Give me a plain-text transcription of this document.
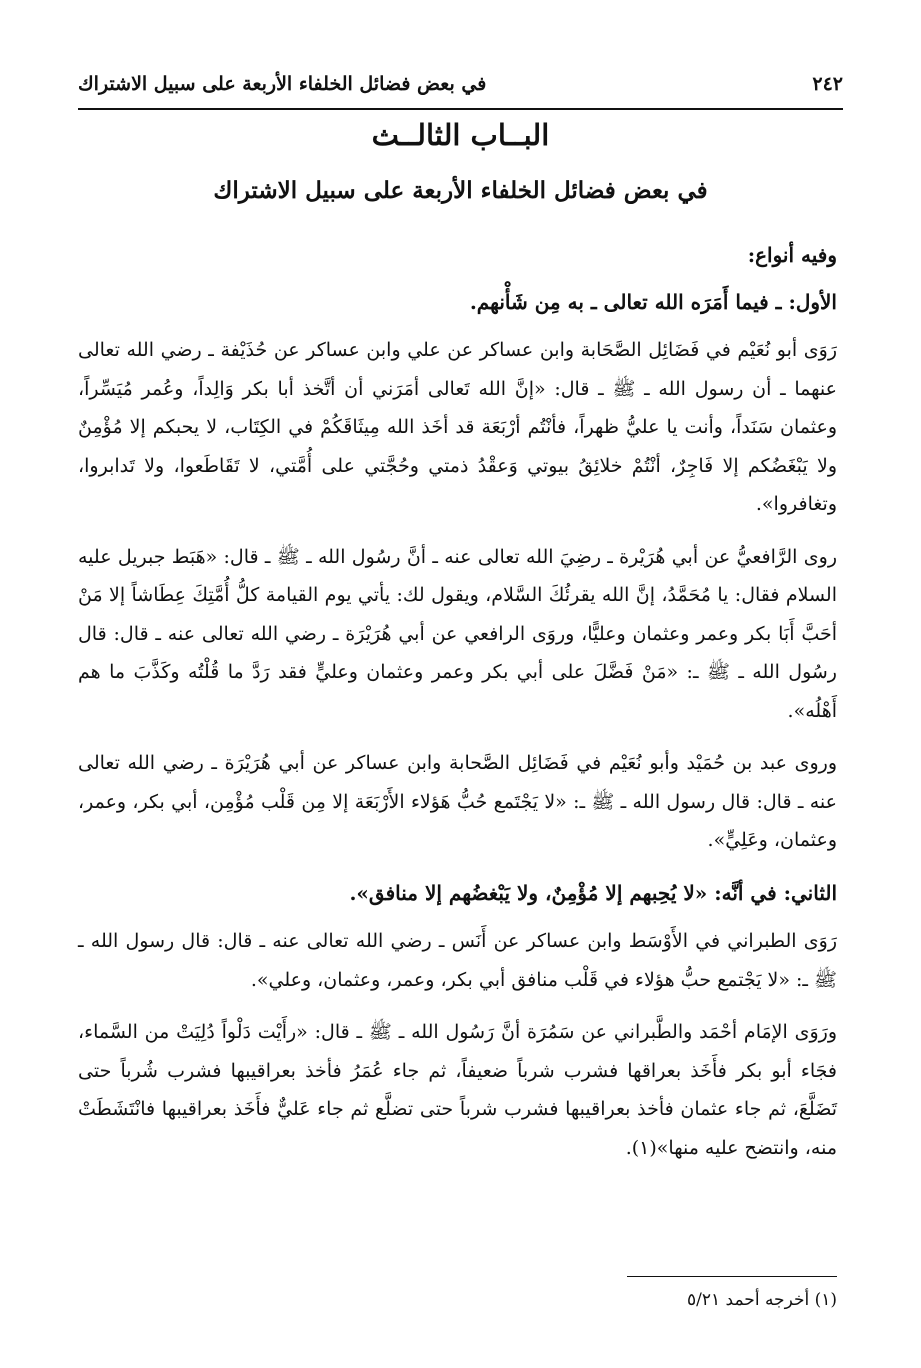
٢٤٢
في بعض فضائل الخلفاء الأربعة على سبيل الاشتراك
البــاب الثالــث
في بعض فضائل الخلفاء الأربعة على سبيل الاشتراك

وفيه أنواع:

الأول: ـ فيما أَمَرَه الله تعالى ـ به مِن شَأْنهم.

رَوَى أبو نُعَيْم في فَضَائِل الصَّحَابة وابن عساكر عن علي وابن عساكر عن حُذَيْفة ـ رضي الله تعالى عنهما ـ أن رسول الله ـ ﷺ ـ قال: «إنَّ الله تَعالى أمَرَني أن أتَّخذ أبا بكر وَالِداً، وعُمر مُيَسِّراً، وعثمان سَنَداً، وأنت يا عليُّ ظهراً، فأنْتُم أرْبَعَة قد أخَذ الله مِيثَاقَكُمْ في الكِتَاب، لا يحبكم إلا مُؤْمِنٌ ولا يَبْغَضُكم إلا فَاجِرٌ، أنْتُمْ خلائِقُ بيوتي وَعقْدُ ذمتي وحُجَّتي على أُمَّتي، لا تَقَاطَعوا، ولا تَدابروا، وتغافروا».

روى الرَّافعيُّ عن أبي هُرَيْرة ـ رضِيَ الله تعالى عنه ـ أنَّ رسُول الله ـ ﷺ ـ قال: «هَبَط جبريل عليه السلام فقال: يا مُحَمَّدُ، إنَّ الله يقرئُكَ السَّلام، ويقول لك: يأتي يوم القيامة كلُّ أُمَّتِكَ عِطَاشاً إلا مَنْ أحَبَّ أَبَا بكر وعمر وعثمان وعليًّا، وروَى الرافعي عن أبي هُرَيْرَة ـ رضي الله تعالى عنه ـ قال: قال رسُول الله ـ ﷺ ـ: «مَنْ فَضَّلَ على أبي بكر وعمر وعثمان وعليٍّ فقد رَدَّ ما قُلْتُه وكَذَّبَ ما هم أَهْلُه».

وروى عبد بن حُمَيْد وأبو نُعَيْم في فَضَائِل الصَّحابة وابن عساكر عن أبي هُرَيْرَة ـ رضي الله تعالى عنه ـ قال: قال رسول الله ـ ﷺ ـ: «لا يَجْتَمع حُبُّ هَؤلاء الأَرْبَعَة إلا مِن قَلْب مُؤْمِن، أبي بكر، وعمر، وعثمان، وعَلِيٍّ».

الثاني: في أنَّه: «لا يُحِبهم إلا مُؤْمِنٌ، ولا يَبْغضُهم إلا منافق».

رَوَى الطبراني في الأَوْسَط وابن عساكر عن أَنَس ـ رضي الله تعالى عنه ـ قال: قال رسول الله ـ ﷺ ـ: «لا يَجْتمع حبُّ هؤلاء في قَلْب منافق أبي بكر، وعمر، وعثمان، وعلي».

ورَوَى الإمَام أحْمَد والطَّبراني عن سَمُرَة أنَّ رَسُول الله ـ ﷺ ـ قال: «رأَيْت دَلْواً دُلِيَتْ من السَّماء، فجَاء أبو بكر فأَخَذ بعراقها فشرب شرباً ضعيفاً، ثم جاء عُمَرُ فأخذ بعراقيبها فشرب شُرباً حتى تَضَلَّعَ، ثم جاء عثمان فأخذ بعراقيبها فشرب شرباً حتى تضلَّع ثم جاء عَليٌّ فأَخَذ بعراقيبها فانْتَشَطَتْ منه، وانتضح عليه منها»(١).

(١) أخرجه أحمد ٥/٢١
